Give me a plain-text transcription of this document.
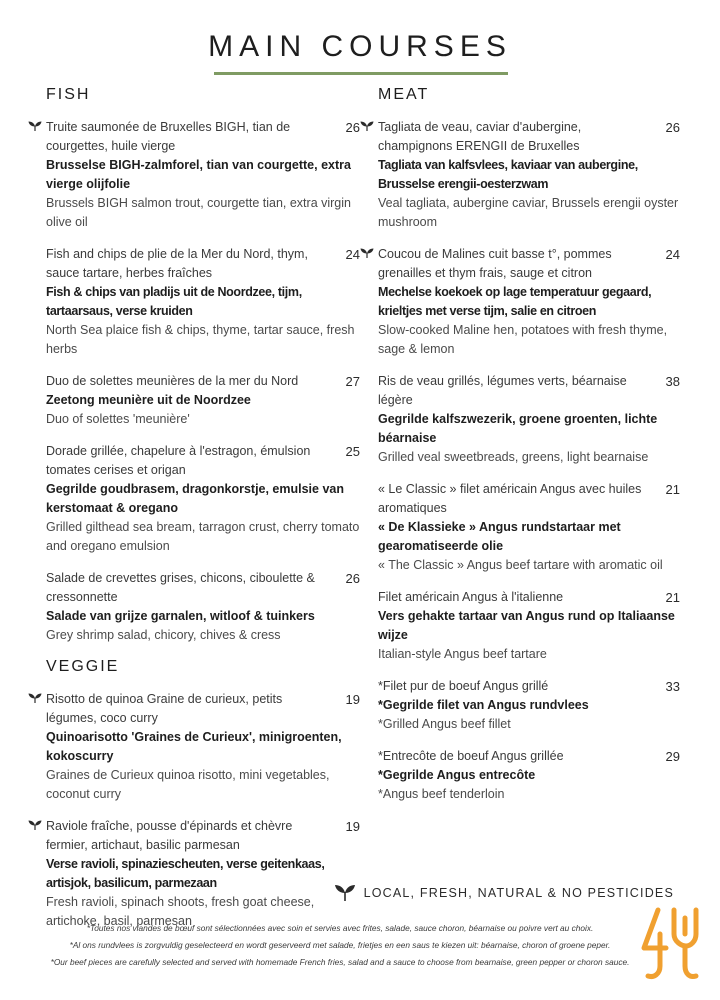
MAIN COURSES
FISH
Truite saumonée de Bruxelles BIGH, tian de courgettes, huile vierge
26
Brusselse BIGH-zalmforel, tian van courgette, extra vierge olijfolie
Brussels BIGH salmon trout, courgette tian, extra virgin olive oil
Fish and chips de plie de la Mer du Nord, thym, sauce tartare, herbes fraîches
24
Fish & chips van pladijs uit de Noordzee, tijm, tartaarsaus, verse kruiden
North Sea plaice fish & chips, thyme, tartar sauce, fresh herbs
Duo de solettes meunières de la mer du Nord	27
Zeetong meunière uit de Noordzee
Duo of solettes 'meunière'
Dorade grillée, chapelure à l'estragon, émulsion tomates cerises et origan
25
Gegrilde goudbrasem, dragonkorstje, emulsie van kerstomaat & oregano
Grilled gilthead sea bream, tarragon crust, cherry tomato and oregano emulsion
Salade de crevettes grises, chicons, ciboulette & cressonnette
26
Salade van grijze garnalen, witloof & tuinkers
Grey shrimp salad, chicory, chives & cress
VEGGIE
Risotto de quinoa Graine de curieux, petits légumes, coco curry
19
Quinoarisotto 'Graines de Curieux', minigroenten, kokoscurry
Graines de Curieux quinoa risotto, mini vegetables, coconut curry
Raviole fraîche, pousse d'épinards et chèvre fermier, artichaut, basilic parmesan
19
Verse ravioli, spinaziescheuten, verse geitenkaas, artisjok, basilicum, parmezaan
Fresh ravioli, spinach shoots, fresh goat cheese, artichoke, basil, parmesan
MEAT
Tagliata de veau, caviar d'aubergine, champignons ERENGII de Bruxelles
26
Tagliata van kalfsvlees, kaviaar van aubergine, Brusselse erengii-oesterzwam
Veal tagliata, aubergine caviar, Brussels erengii oyster mushroom
Coucou de Malines cuit basse t°, pommes grenailles et thym frais, sauge et citron
24
Mechelse koekoek op lage temperatuur gegaard, krieltjes met verse tijm, salie en citroen
Slow-cooked Maline hen, potatoes with fresh thyme, sage & lemon
Ris de veau grillés, légumes verts, béarnaise légère
38
Gegrilde kalfszwezerik, groene groenten, lichte béarnaise
Grilled veal sweetbreads, greens, light bearnaise
« Le Classic » filet américain Angus avec huiles aromatiques
21
« De Klassieke » Angus rundstartaar met gearomatiseerde olie
« The Classic » Angus beef tartare with aromatic oil
Filet américain Angus à l'italienne	21
Vers gehakte tartaar van Angus rund op Italiaanse wijze
Italian-style Angus beef tartare
*Filet pur de boeuf Angus grillé	33
*Gegrilde filet van Angus rundvlees
*Grilled Angus beef fillet
*Entrecôte de boeuf Angus grillée	29
*Gegrilde Angus entrecôte
*Angus beef tenderloin
LOCAL, FRESH, NATURAL & NO PESTICIDES
*Toutes nos viandes de bœuf sont sélectionnées avec soin et servies avec frites, salade, sauce choron, béarnaise ou poivre vert au choix.
*Al ons rundvlees is zorgvuldig geselecteerd en wordt geserveerd met salade, frietjes en een saus te kiezen uit: béarnaise, choron of groene peper.
*Our beef pieces are carefully selected and served with homemade French fries, salad and a sauce to choose from bearnaise, green pepper or choron sauce.
